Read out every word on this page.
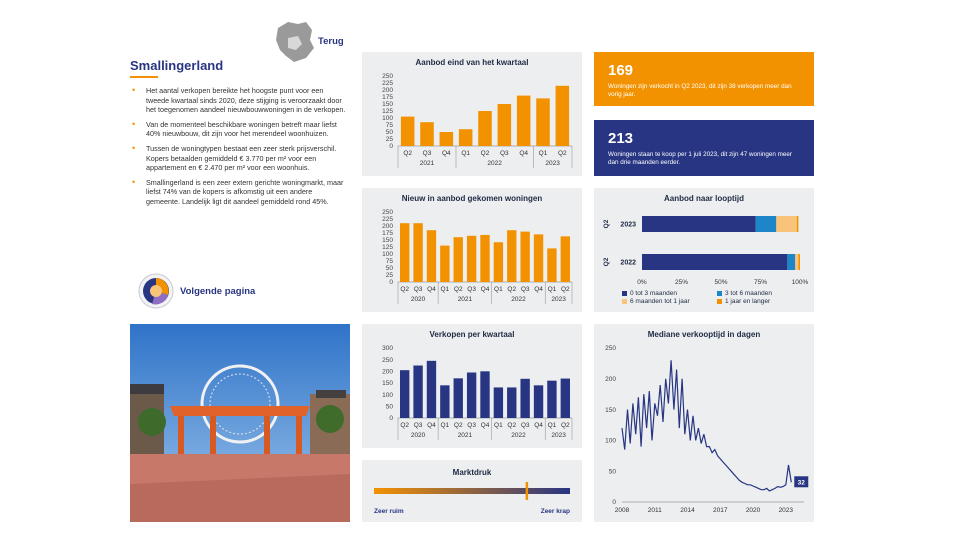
Terug
Smallingerland
• Het aantal verkopen bereikte het hoogste punt voor een tweede kwartaal sinds 2020, deze stijging is veroorzaakt door het toegenomen aandeel nieuwbouwwoningen in de verkopen.
• Van de momenteel beschikbare woningen betreft maar liefst 40% nieuwbouw, dit zijn voor het merendeel woonhuizen.
• Tussen de woningtypen bestaat een zeer sterk prijsverschil. Kopers betaalden gemiddeld € 3.770 per m² voor een appartement en € 2.470 per m² voor een woonhuis.
• Smallingerland is een zeer extern gerichte woningmarkt, maar liefst 74% van de kopers is afkomstig uit een andere gemeente. Landelijk ligt dit aandeel gemiddeld rond 45%.
Volgende pagina
Aanbod eind van het kwartaal
0
25
50
75
100
125
150
175
200
225
250
Q2 Q3 Q4 Q1 Q2 Q3 Q4 Q1 Q2
2021	2022	2023
Nieuw in aanbod gekomen woningen
0
25
50
75
100
125
150
175
200
225
250
Q2 Q3 Q4 Q1 Q2 Q3 Q4 Q1 Q2 Q3 Q4 Q1 Q2
2020	2021	2022	2023
Verkopen per kwartaal
0
50
100
150
200
250
300
Q2 Q3 Q4 Q1 Q2 Q3 Q4 Q1 Q2 Q3 Q4 Q1 Q2
2020	2021	2022	2023
Marktdruk
Zeer ruim	Zeer krap
169
Woningen zijn verkocht in Q2 2023, dit zijn 38 verkopen meer dan vorig jaar.
213
Woningen staan te koop per 1 juli 2023, dit zijn 47 woningen meer dan drie maanden eerder.
Aanbod naar looptijd
2023
Q2
2022
Q2
0%	25%	50%	75%	100%
0 tot 3 maanden	3 tot 6 maanden
6 maanden tot 1 jaar	1 jaar en langer
Mediane verkooptijd in dagen
0
50
100
150
200
250
2008	2011	2014	2017	2020	2023
32
